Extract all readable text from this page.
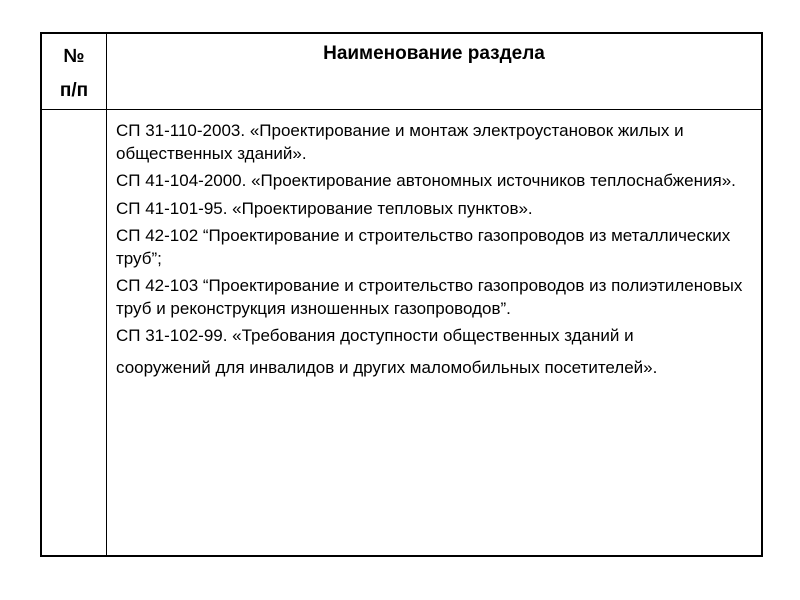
№
п/п
Наименование раздела
СП 31-110-2003. «Проектирование и монтаж электроустановок жилых и общественных зданий».
СП 41-104-2000. «Проектирование автономных источников теплоснабжения».
СП 41-101-95. «Проектирование тепловых пунктов».
СП 42-102 “Проектирование и строительство газопроводов из металлических труб”;
СП 42-103 “Проектирование и строительство газопроводов из полиэтиленовых труб и реконструкция изношенных газопроводов”.
СП 31-102-99. «Требования доступности общественных зданий и
сооружений для инвалидов и других маломобильных посетителей».
